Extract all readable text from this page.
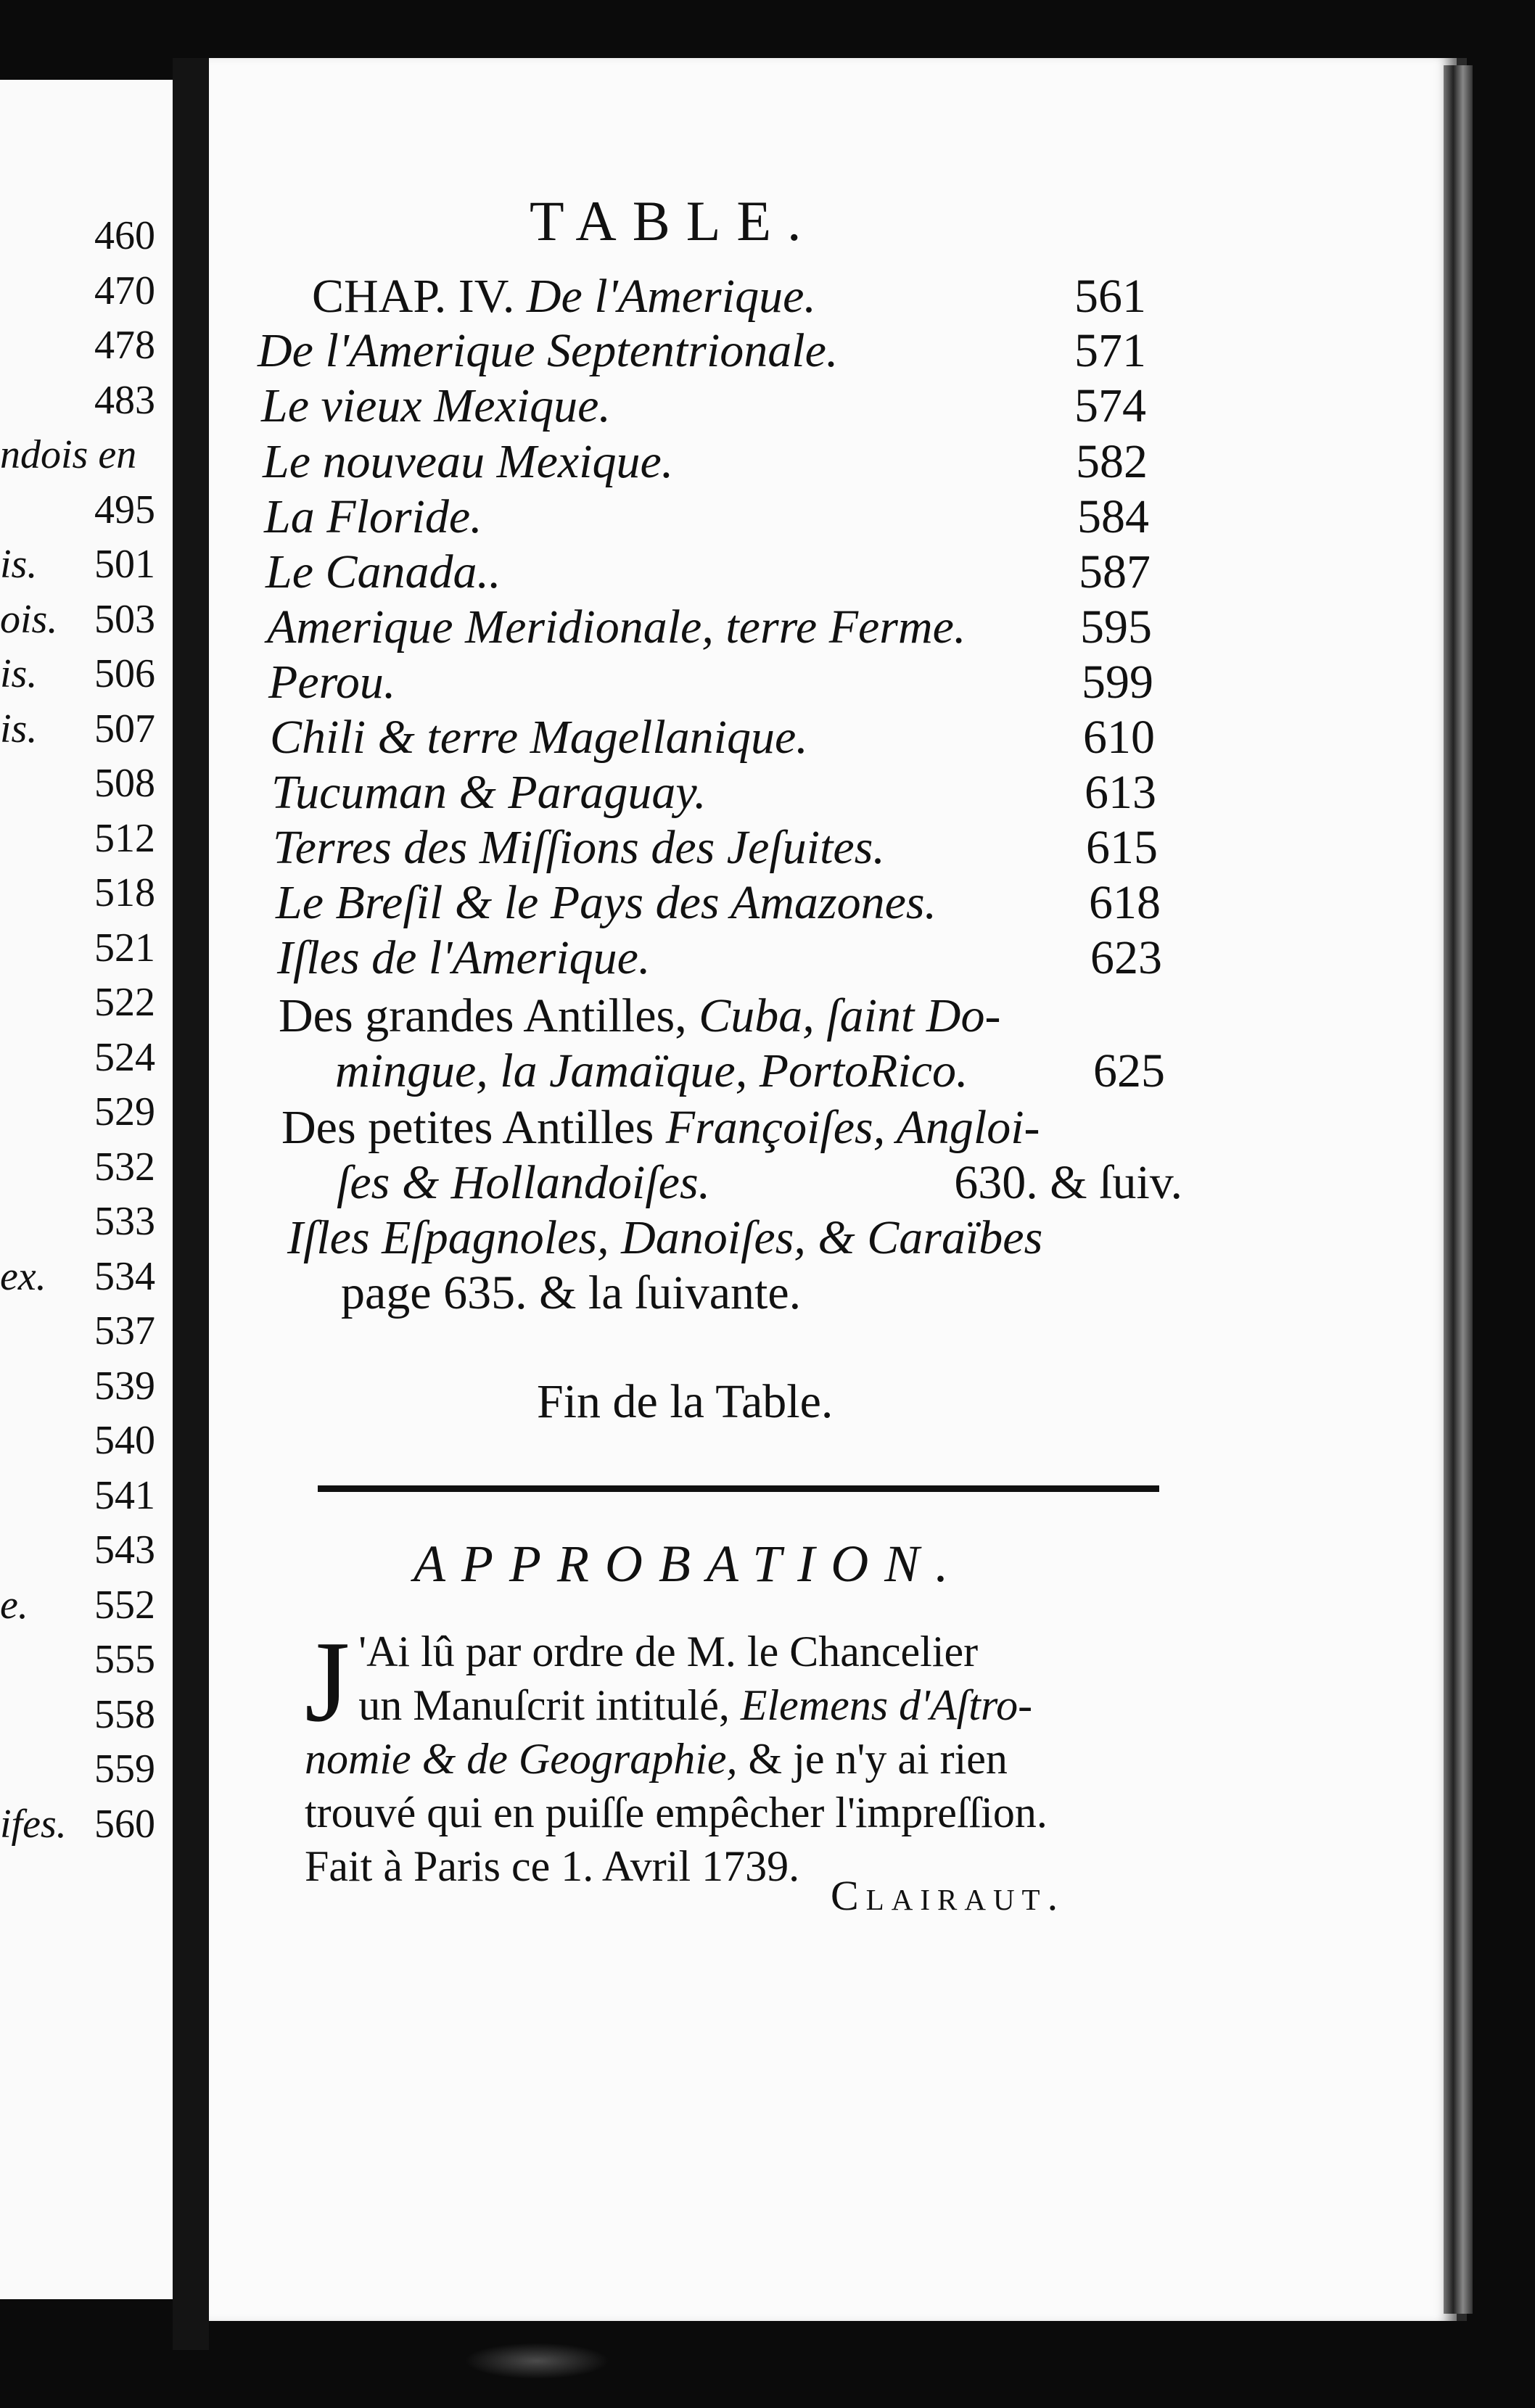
460
470
478
483
ndois en
495
is. 501
ois. 503
is. 506
is. 507
508
512
518
521
522
524
529
532
533
ex. 534
537
539
540
541
543
e. 552
555
558
559
ifes. 560
TABLE.
CHAP. IV. De l'Amerique.	561
De l'Amerique Septentrionale.	571
Le vieux Mexique.	574
Le nouveau Mexique.	582
La Floride.	584
Le Canada..	587
Amerique Meridionale, terre Ferme.	595
Perou.	599
Chili & terre Magellanique.	610
Tucuman & Paraguay.	613
Terres des Miſſions des Jeſuites.	615
Le Breſil & le Pays des Amazones.	618
Iſles de l'Amerique.	623
Des grandes Antilles, Cuba, ſaint Do-
mingue, la Jamaïque, PortoRico.	625
Des petites Antilles Françoiſes, Angloi-
ſes & Hollandoiſes.	630. & ſuiv.
Iſles Eſpagnoles, Danoiſes, & Caraïbes
page 635. & la ſuivante.
Fin de la Table.
APPROBATION.
J 'Ai lû par ordre de M. le Chancelier
un Manuſcrit intitulé, Elemens d'Aſtro-
nomie & de Geographie, & je n'y ai rien
trouvé qui en puiſſe empêcher l'impreſſion.
Fait à Paris ce 1. Avril 1739.
Clairaut.
